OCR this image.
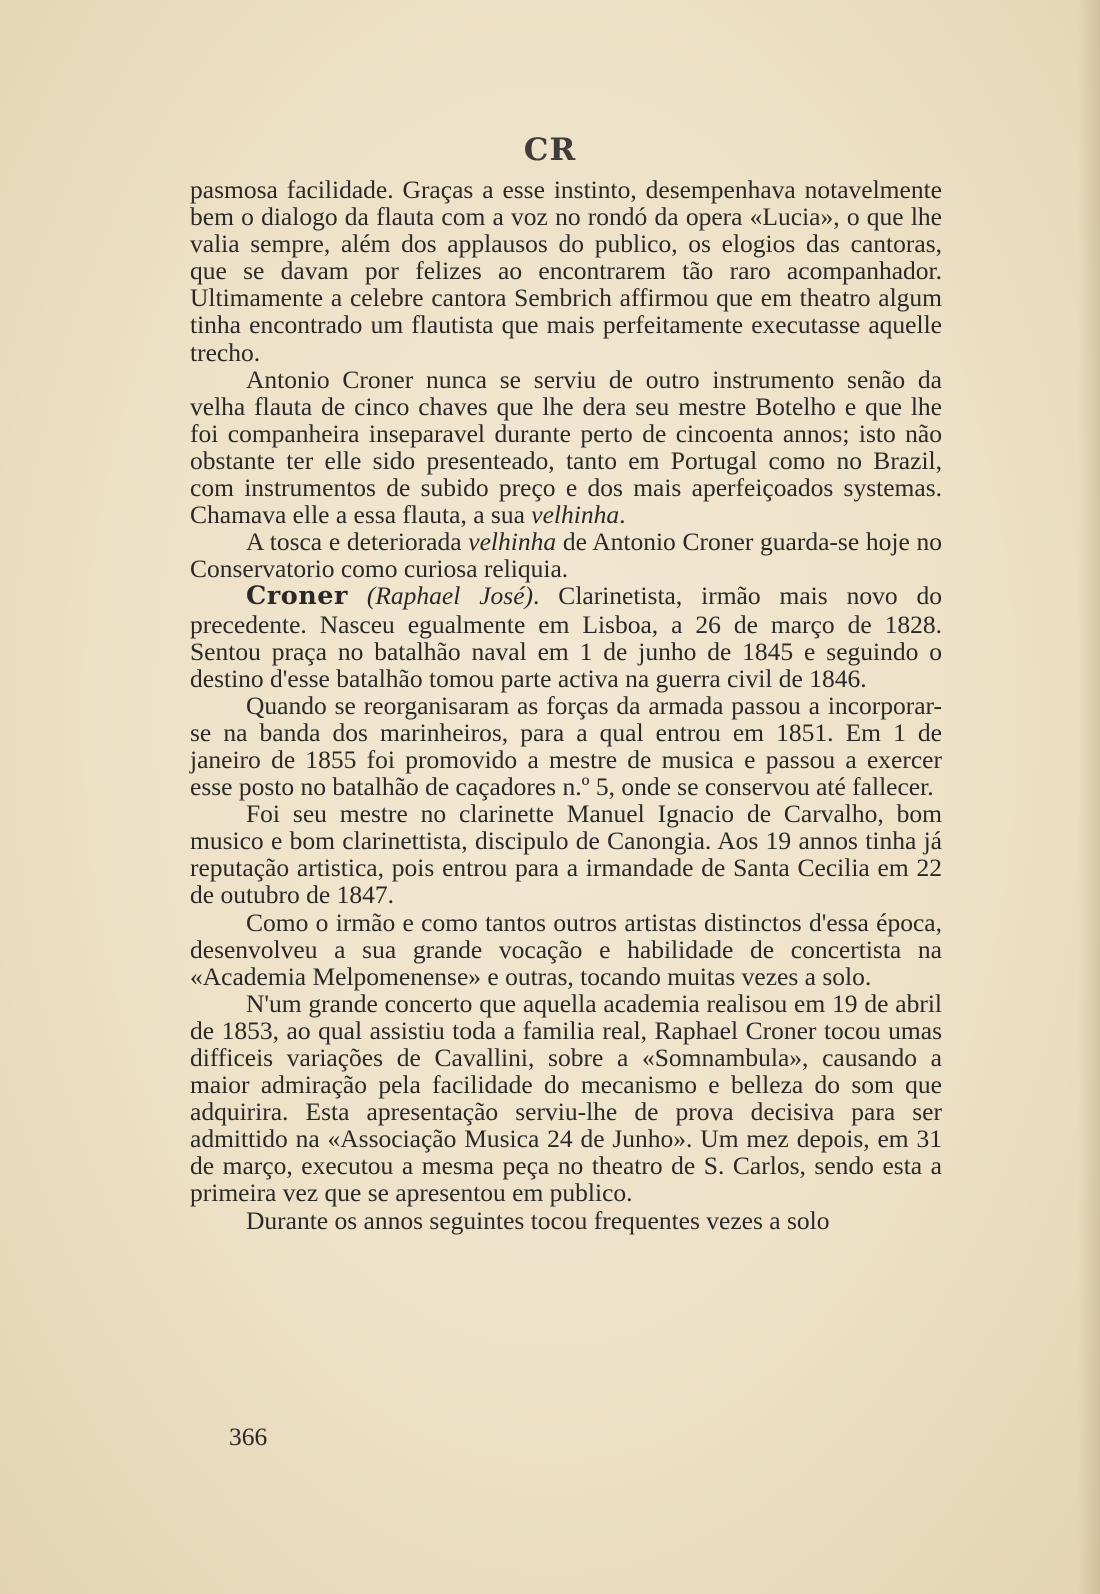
CR

pasmosa facilidade. Graças a esse instinto, desempenhava notavelmente bem o dialogo da flauta com a voz no rondó da opera «Lucia», o que lhe valia sempre, além dos applausos do publico, os elogios das cantoras, que se davam por felizes ao encontrarem tão raro acompanhador. Ultimamente a celebre cantora Sembrich affirmou que em theatro algum tinha encontrado um flautista que mais perfeitamente executasse aquelle trecho.

Antonio Croner nunca se serviu de outro instrumento senão da velha flauta de cinco chaves que lhe dera seu mestre Botelho e que lhe foi companheira inseparavel durante perto de cincoenta annos; isto não obstante ter elle sido presenteado, tanto em Portugal como no Brazil, com instrumentos de subido preço e dos mais aperfeiçoados systemas. Chamava elle a essa flauta, a sua velhinha.

A tosca e deteriorada velhinha de Antonio Croner guarda-se hoje no Conservatorio como curiosa reliquia.

Croner (Raphael José). Clarinetista, irmão mais novo do precedente. Nasceu egualmente em Lisboa, a 26 de março de 1828. Sentou praça no batalhão naval em 1 de junho de 1845 e seguindo o destino d'esse batalhão tomou parte activa na guerra civil de 1846.

Quando se reorganisaram as forças da armada passou a incorporar-se na banda dos marinheiros, para a qual entrou em 1851. Em 1 de janeiro de 1855 foi promovido a mestre de musica e passou a exercer esse posto no batalhão de caçadores n.º 5, onde se conservou até fallecer.

Foi seu mestre no clarinette Manuel Ignacio de Carvalho, bom musico e bom clarinettista, discipulo de Canongia. Aos 19 annos tinha já reputação artistica, pois entrou para a irmandade de Santa Cecilia em 22 de outubro de 1847.

Como o irmão e como tantos outros artistas distinctos d'essa época, desenvolveu a sua grande vocação e habilidade de concertista na «Academia Melpomenense» e outras, tocando muitas vezes a solo.

N'um grande concerto que aquella academia realisou em 19 de abril de 1853, ao qual assistiu toda a familia real, Raphael Croner tocou umas difficeis variações de Cavallini, sobre a «Somnambula», causando a maior admiração pela facilidade do mecanismo e belleza do som que adquirira. Esta apresentação serviu-lhe de prova decisiva para ser admittido na «Associação Musica 24 de Junho». Um mez depois, em 31 de março, executou a mesma peça no theatro de S. Carlos, sendo esta a primeira vez que se apresentou em publico.

Durante os annos seguintes tocou frequentes vezes a solo

366
